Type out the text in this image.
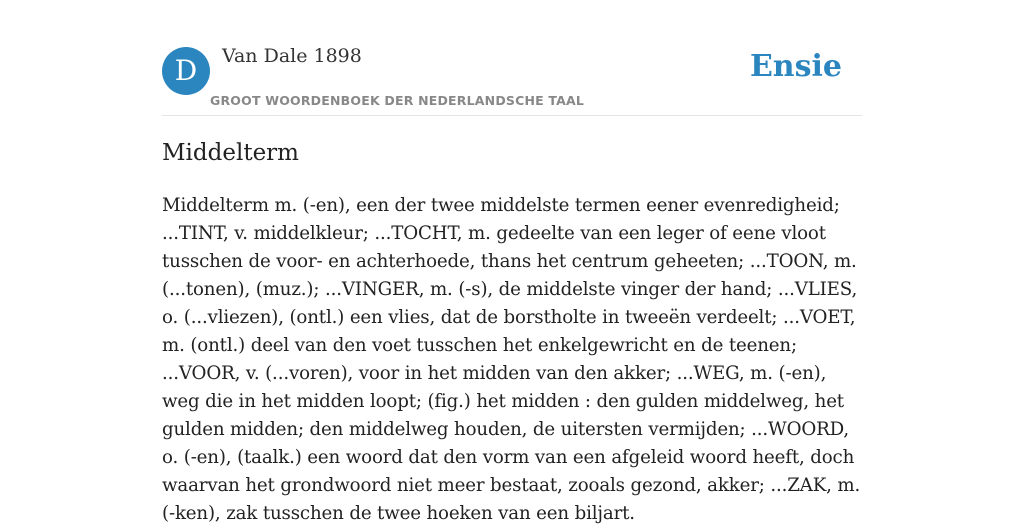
D	Van Dale 1898
GROOT WOORDENBOEK DER NEDERLANDSCHE TAAL
Ensie
Middelterm

Middelterm m. (-en), een der twee middelste termen eener evenredigheid; ...TINT, v. middelkleur; ...TOCHT, m. gedeelte van een leger of eene vloot tusschen de voor- en achterhoede, thans het centrum geheeten; ...TOON, m. (...tonen), (muz.); ...VINGER, m. (-s), de middelste vinger der hand; ...VLIES, o. (...vliezen), (ontl.) een vlies, dat de borstholte in tweeën verdeelt; ...VOET, m. (ontl.) deel van den voet tusschen het enkelgewricht en de teenen; ...VOOR, v. (...voren), voor in het midden van den akker; ...WEG, m. (-en), weg die in het midden loopt; (fig.) het midden : den gulden middelweg, het gulden midden; den middelweg houden, de uitersten vermijden; ...WOORD, o. (-en), (taalk.) een woord dat den vorm van een afgeleid woord heeft, doch waarvan het grondwoord niet meer bestaat, zooals gezond, akker; ...ZAK, m. (-ken), zak tusschen de twee hoeken van een biljart.
